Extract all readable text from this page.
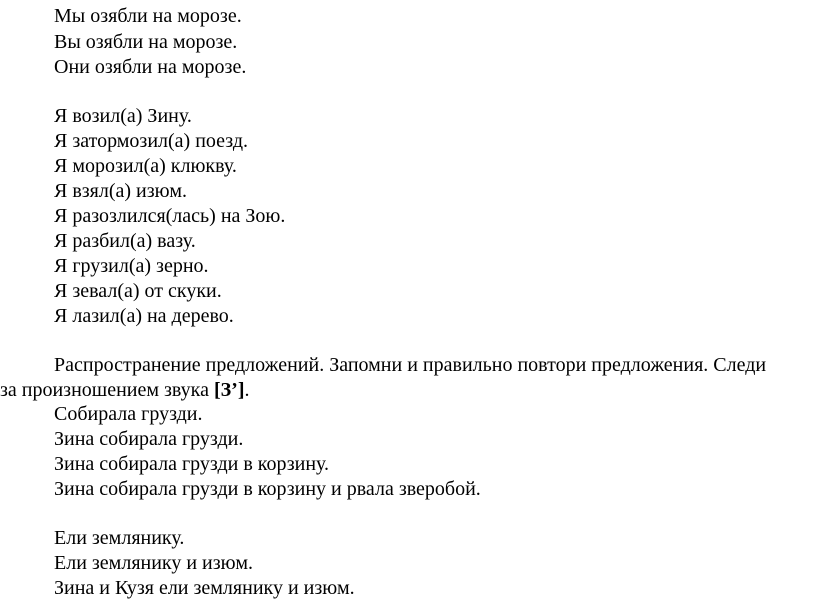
Мы озябли на морозе.
Вы озябли на морозе.
Они озябли на морозе.
Я возил(а) Зину.
Я затормозил(а) поезд.
Я морозил(а) клюкву.
Я взял(а) изюм.
Я разозлился(лась) на Зою.
Я разбил(а) вазу.
Я грузил(а) зерно.
Я зевал(а) от скуки.
Я лазил(а) на дерево.
Распространение предложений. Запомни и правильно повтори предложения. Следи
за произношением звука [З’].
Собирала грузди.
Зина собирала грузди.
Зина собирала грузди в корзину.
Зина собирала грузди в корзину и рвала зверобой.
Ели землянику.
Ели землянику и изюм.
Зина и Кузя ели землянику и изюм.
